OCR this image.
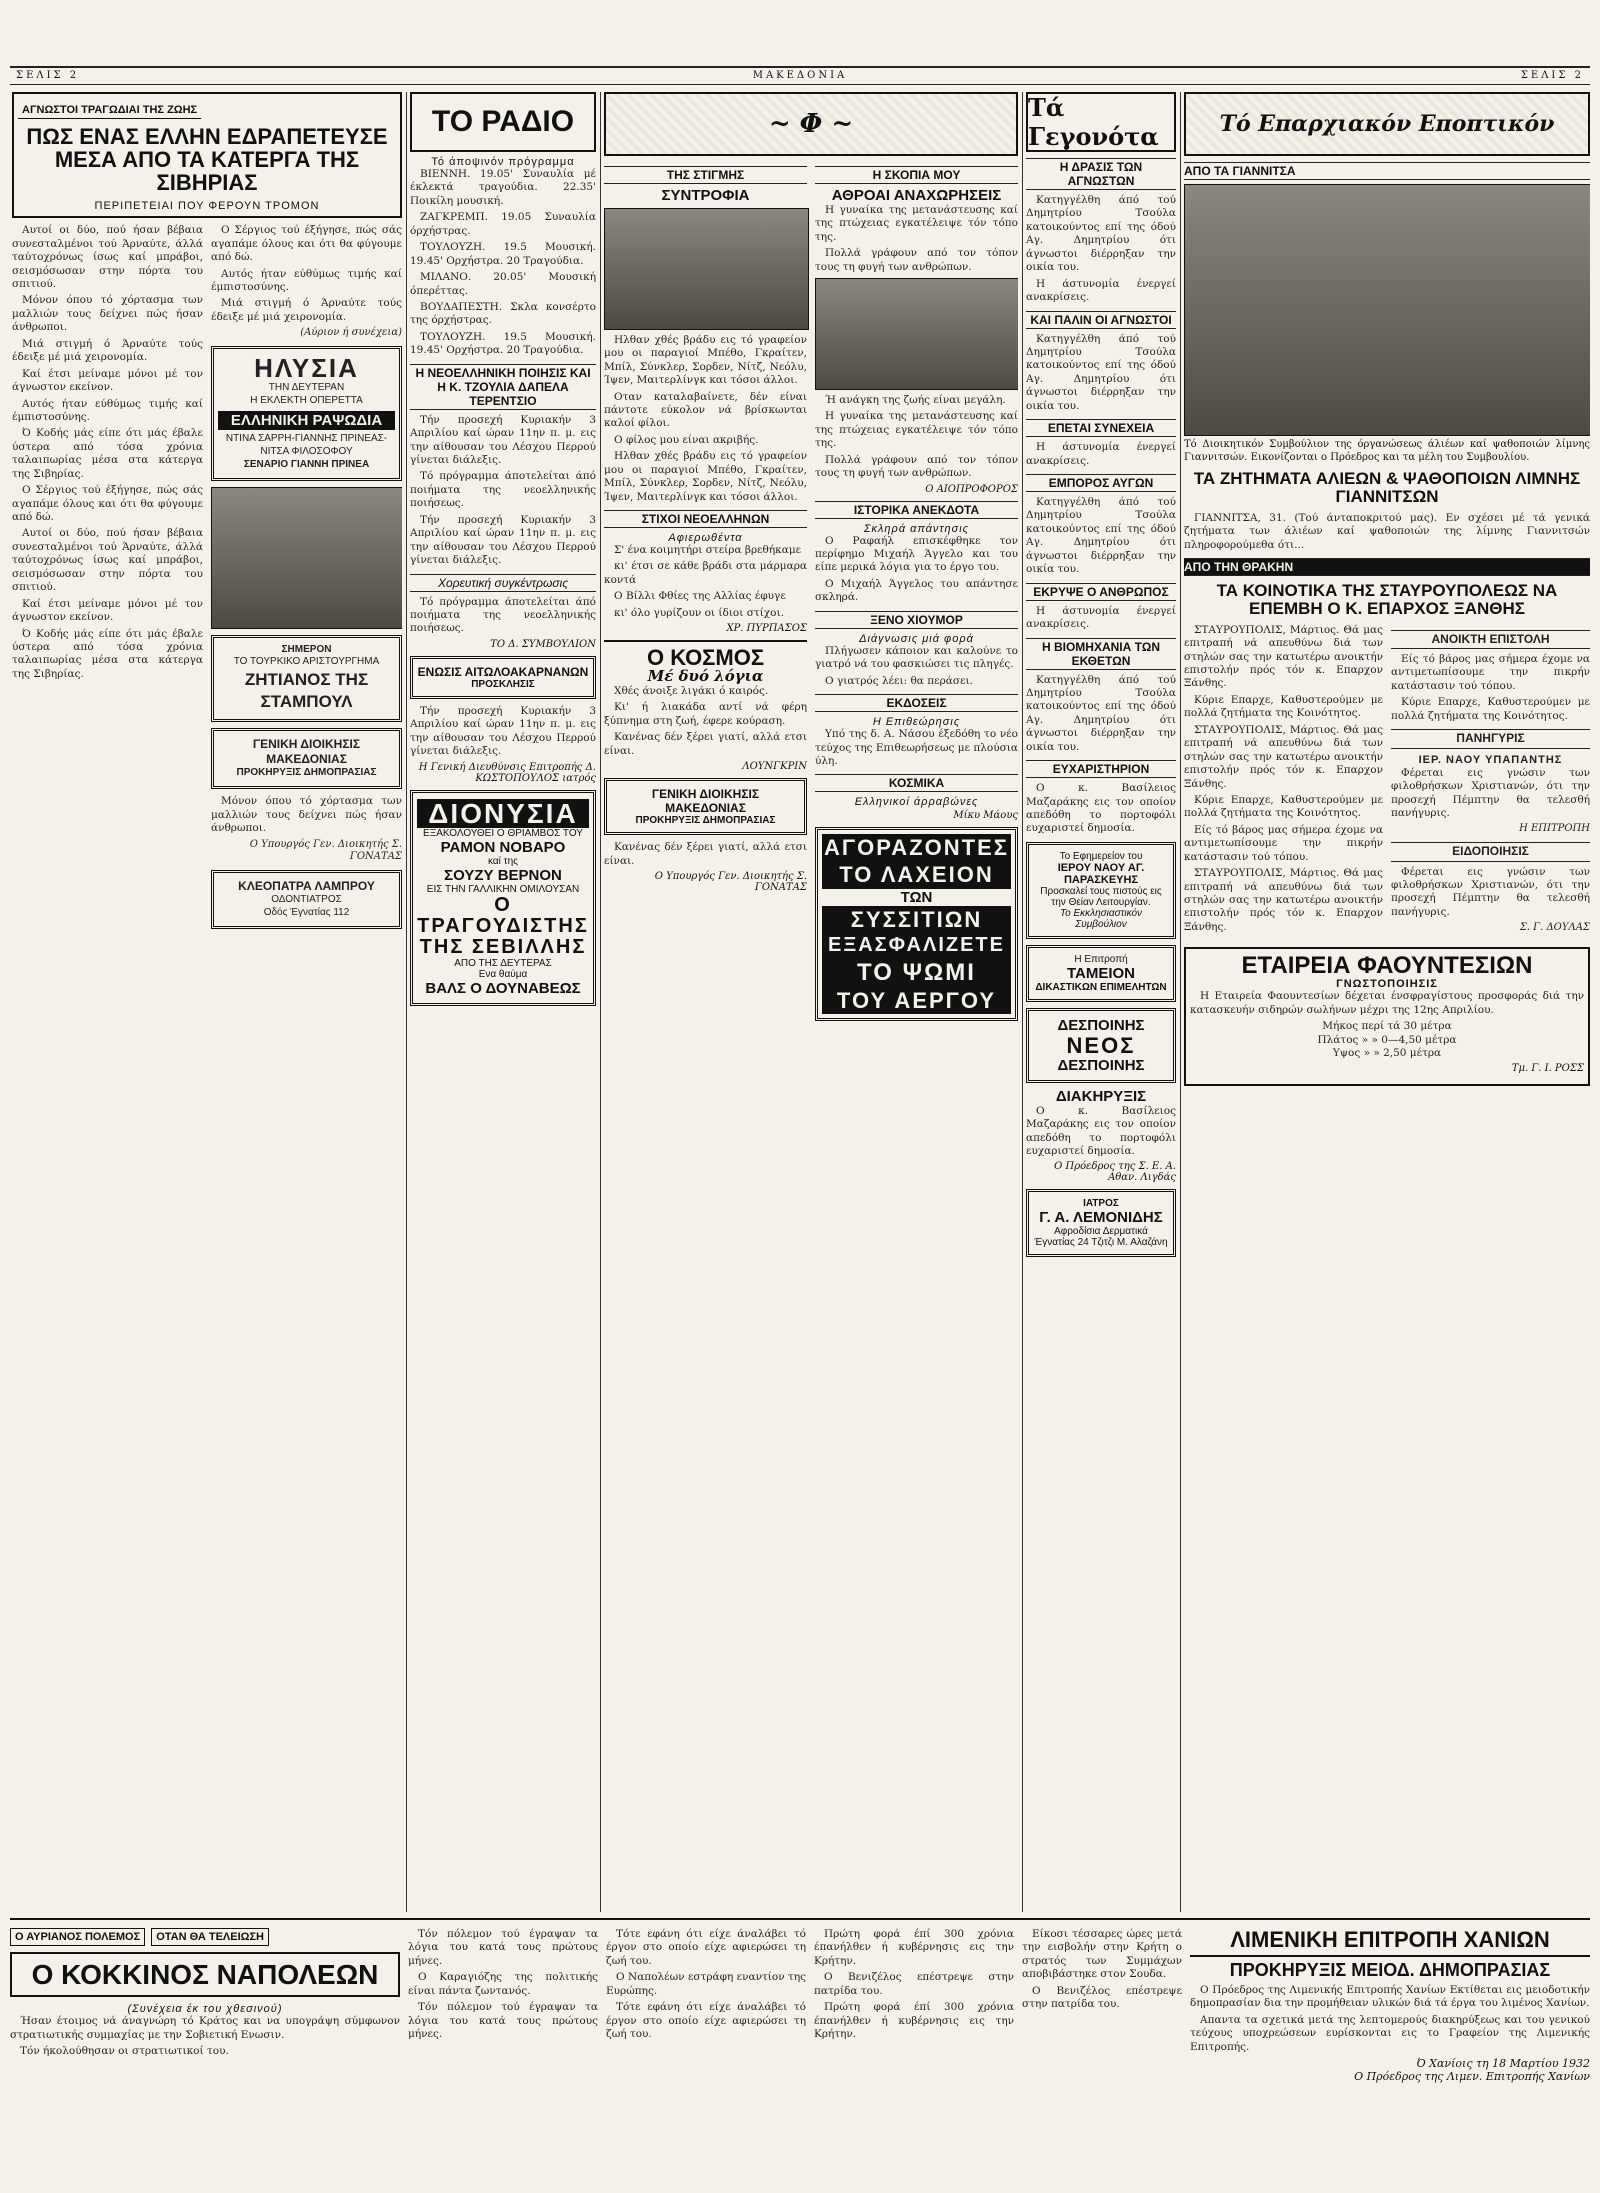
ΣΕΛΙΣ 2	ΜΑΚΕΔΟΝΙΑ	ΣΕΛΙΣ 2
ΑΓΝΩΣΤΟΙ ΤΡΑΓΩΔΙΑΙ ΤΗΣ ΖΩΗΣ
ΠΩΣ ΕΝΑΣ ΕΛΛΗΝ ΕΔΡΑΠΕΤΕΥΣΕ ΜΕΣΑ ΑΠΟ ΤΑ ΚΑΤΕΡΓΑ ΤΗΣ ΣΙΒΗΡΙΑΣ
ΠΕΡΙΠΕΤΕΙΑΙ ΠΟΥ ΦΕΡΟΥΝ ΤΡΟΜΟΝ

Αυτοί οι δύο, πού ήσαν βέβαια συνεσταλμένοι τού Άρναύτε, άλλά ταύτοχρόνως ίσως καί μπράβοι, σεισμόσωσαν στην πόρτα του σπιτιού.

Μόνον όπου τό χόρτασμα των μαλλιών τους δείχνει πώς ήσαν άνθρωποι.

Μιά στιγμή ό Άρναύτε τούς έδειξε μέ μιά χειρονομία.

Καί έτσι μείναμε μόνοι μέ τον άγνωστον εκείνον.

Αυτός ήταν εύθύμως τιμής καί έμπιστοσύνης.

Ό Κοδής μάς είπε ότι μάς έβαλε ύστερα από τόσα χρόνια ταλαιπωρίας μέσα στα κάτεργα της Σιβηρίας.

Ο Σέργιος τού έξήγησε, πώς σάς αγαπάμε όλους και ότι θα φύγουμε από δώ.

Αυτοί οι δύο, πού ήσαν βέβαια συνεσταλμένοι τού Άρναύτε, άλλά ταύτοχρόνως ίσως καί μπράβοι, σεισμόσωσαν στην πόρτα του σπιτιού.

Καί έτσι μείναμε μόνοι μέ τον άγνωστον εκείνον.

Ό Κοδής μάς είπε ότι μάς έβαλε ύστερα από τόσα χρόνια ταλαιπωρίας μέσα στα κάτεργα της Σιβηρίας.

Ο Σέργιος τού έξήγησε, πώς σάς αγαπάμε όλους και ότι θα φύγουμε από δώ.

Αυτός ήταν εύθύμως τιμής καί έμπιστοσύνης.

Μιά στιγμή ό Άρναύτε τούς έδειξε μέ μιά χειρονομία.

(Αύριον ή συνέχεια)
ΗΛΥΣΙΑ
ΤΗΝ ΔΕΥΤΕΡΑΝ
Η ΕΚΛΕΚΤΗ ΟΠΕΡΕΤΤΑ
ΕΛΛΗΝΙΚΗ ΡΑΨΩΔΙΑ
ΝΤΙΝΑ ΣΑΡΡΗ-ΓΙΑΝΝΗΣ ΠΡΙΝΕΑΣ-ΝΙΤΣΑ ΦΙΛΟΣΟΦΟΥ
ΣΕΝΑΡΙΟ ΓΙΑΝΝΗ ΠΡΙΝΕΑ
ΣΗΜΕΡΟΝ
ΤΟ ΤΟΥΡΚΙΚΟ ΑΡΙΣΤΟΥΡΓΗΜΑ
ΖΗΤΙΑΝΟΣ ΤΗΣ ΣΤΑΜΠΟΥΛ
ΓΕΝΙΚΗ ΔΙΟΙΚΗΣΙΣ ΜΑΚΕΔΟΝΙΑΣ
ΠΡΟΚΗΡΥΞΙΣ ΔΗΜΟΠΡΑΣΙΑΣ

Μόνον όπου τό χόρτασμα των μαλλιών τους δείχνει πώς ήσαν άνθρωποι.

Ο Υπουργός Γεν. Διοικητής Σ. ΓΟΝΑΤΑΣ
ΚΛΕΟΠΑΤΡΑ ΛΑΜΠΡΟΥ
ΟΔΟΝΤΙΑΤΡΟΣ
Οδός Έγνατίας 112
ΤΟ ΡΑΔΙΟ
Τό άποψινόν πρόγραμμα

ΒΙΕΝΝΗ. 19.05' Συναυλία μέ έκλεκτά τραγούδια. 22.35' Ποικίλη μουσική.

ΖΑΓΚΡΕΜΠ. 19.05 Συναυλία όρχήστρας.

ΤΟΥΛΟΥΖΗ. 19.5 Μουσική. 19.45' Ορχήστρα. 20 Τραγούδια.

ΜΙΛΑΝΟ. 20.05' Μουσική όπερέττας.

ΒΟΥΔΑΠΕΣΤΗ. Σκλα κονσέρτο της όρχήστρας.

ΤΟΥΛΟΥΖΗ. 19.5 Μουσική. 19.45' Ορχήστρα. 20 Τραγούδια.

Η ΝΕΟΕΛΛΗΝΙΚΗ ΠΟΙΗΣΙΣ ΚΑΙ Η Κ. ΤΖΟΥΛΙΑ ΔΑΠΕΛΑ ΤΕΡΕΝΤΣΙΟ

Τήν προσεχή Κυριακήν 3 Απριλίου καί ώραν 11ην π. μ. εις την αίθουσαν του Λέσχου Περρού γίνεται διάλεξις.

Τό πρόγραμμα άποτελείται άπό ποιήματα της νεοελληνικής ποιήσεως.

Τήν προσεχή Κυριακήν 3 Απριλίου καί ώραν 11ην π. μ. εις την αίθουσαν του Λέσχου Περρού γίνεται διάλεξις.

Χορευτική συγκέντρωσις

Τό πρόγραμμα άποτελείται άπό ποιήματα της νεοελληνικής ποιήσεως.

ΤΟ Δ. ΣΥΜΒΟΥΛΙΟΝ
ΕΝΩΣΙΣ ΑΙΤΩΛΟΑΚΑΡΝΑΝΩΝ
ΠΡΟΣΚΛΗΣΙΣ

Τήν προσεχή Κυριακήν 3 Απριλίου καί ώραν 11ην π. μ. εις την αίθουσαν του Λέσχου Περρού γίνεται διάλεξις.

Η Γενική Διευθύνσις Επιτροπής Δ. ΚΩΣΤΟΠΟΥΛΟΣ ιατρός
ΔΙΟΝΥΣΙΑ
ΕΞΑΚΟΛΟΥΘΕΙ Ο ΘΡΙΑΜΒΟΣ ΤΟΥ
ΡΑΜΟΝ ΝΟΒΑΡΟ
καί της
ΣΟΥΖΥ ΒΕΡΝΟΝ
ΕΙΣ ΤΗΝ ΓΑΛΛΙΚΗΝ ΟΜΙΛΟΥΣΑΝ
Ο ΤΡΑΓΟΥΔΙΣΤΗΣ ΤΗΣ ΣΕΒΙΛΛΗΣ
ΑΠΟ ΤΗΣ ΔΕΥΤΕΡΑΣ
Ενα θαύμα
ΒΑΛΣ Ο ΔΟΥΝΑΒΕΩΣ
~ Φ ~
ΤΗΣ ΣΤΙΓΜΗΣ
ΣΥΝΤΡΟΦΙΑ

Ηλθαν χθές βράδυ εις τό γραφείον μου οι παραγιοί Μπέθο, Γκραίτεν, Μπίλ, Σύνκλερ, Σορδεν, Νίτζ, Νεόλυ, Ίψεν, Μαιτερλίνγκ και τόσοι άλλοι.

Οταν καταλαβαίνετε, δέν είναι πάντοτε εύκολον νά βρίσκωνται καλοί φίλοι.

Ο φίλος μου είναι ακριβής.

Ηλθαν χθές βράδυ εις τό γραφείον μου οι παραγιοί Μπέθο, Γκραίτεν, Μπίλ, Σύνκλερ, Σορδεν, Νίτζ, Νεόλυ, Ίψεν, Μαιτερλίνγκ και τόσοι άλλοι.

ΣΤΙΧΟΙ ΝΕΟΕΛΛΗΝΩΝ
Αφιερωθέντα

Σ' ένα κοιμητήρι στείρα βρεθήκαμε

κι' έτσι σε κάθε βράδι στα μάρμαρα κοντά

Ο Βίλλι Φθίες της Αλλίας έφυγε

κι' όλο γυρίζουν οι ίδιοι στίχοι.

ΧΡ. ΠΥΡΠΑΣΟΣ
Ο ΚΟΣΜΟΣ
Μέ δυό λόγια

Χθές άνοιξε λιγάκι ό καιρός.

Κι' ή λιακάδα αντί νά φέρη ξύπνημα στη ζωή, έφερε κούραση.

Κανένας δέν ξέρει γιατί, αλλά ετσι είναι.

ΛΟΥΝΓΚΡΙΝ
ΓΕΝΙΚΗ ΔΙΟΙΚΗΣΙΣ ΜΑΚΕΔΟΝΙΑΣ
ΠΡΟΚΗΡΥΞΙΣ ΔΗΜΟΠΡΑΣΙΑΣ

Κανένας δέν ξέρει γιατί, αλλά ετσι είναι.

Ο Υπουργός Γεν. Διοικητής Σ. ΓΟΝΑΤΑΣ
Η ΣΚΟΠΙΑ ΜΟΥ
ΑΘΡΟΑΙ ΑΝΑΧΩΡΗΣΕΙΣ

Η γυναίκα της μετανάστευσης καί της πτώχειας εγκατέλειψε τόν τόπο της.

Πολλά γράφουν από τον τόπον τους τη φυγή των ανθρώπων.

Ή ανάγκη της ζωής είναι μεγάλη.

Η γυναίκα της μετανάστευσης καί της πτώχειας εγκατέλειψε τόν τόπο της.

Πολλά γράφουν από τον τόπον τους τη φυγή των ανθρώπων.

Ο ΑΙΟΠΡΟΦΟΡΟΣ
ΙΣΤΟΡΙΚΑ ΑΝΕΚΔΟΤΑ
Σκληρά απάντησις

Ο Ραφαήλ επισκέφθηκε τον περίφημο Μιχαήλ Άγγελο και του είπε μερικά λόγια για το έργο του.

Ο Μιχαήλ Άγγελος του απάντησε σκληρά.

ΞΕΝΟ ΧΙΟΥΜΟΡ
Διάγνωσις μιά φορά

Πλήγωσεν κάποιον και καλούνε το γιατρό νά του φασκιώσει τις πληγές.

Ο γιατρός λέει: θα περάσει.

ΕΚΔΟΣΕΙΣ
Η Επιθεώρησις

Υπό της δ. Α. Νάσου έξεδόθη το νέο τεύχος της Επιθεωρήσεως με πλούσια ύλη.

ΚΟΣΜΙΚΑ
Ελληνικοί άρραβώνες
Μίκυ Μάους
ΑΓΟΡΑΖΟΝΤΕΣ
ΤΟ ΛΑΧΕΙΟΝ
ΤΩΝ
ΣΥΣΣΙΤΙΩΝ
ΕΞΑΣΦΑΛΙΖΕΤΕ
ΤΟ ΨΩΜΙ
ΤΟΥ ΑΕΡΓΟΥ
Τά Γεγονότα
Η ΔΡΑΣΙΣ ΤΩΝ ΑΓΝΩΣΤΩΝ

Κατηγγέλθη άπό τού Δημητρίου Τσούλα κατοικούντος επί της όδού Αγ. Δημητρίου ότι άγνωστοι διέρρηξαν την οικία του.

Η άστυνομία ένεργεί ανακρίσεις.

ΚΑΙ ΠΑΛΙΝ ΟΙ ΑΓΝΩΣΤΟΙ

Κατηγγέλθη άπό τού Δημητρίου Τσούλα κατοικούντος επί της όδού Αγ. Δημητρίου ότι άγνωστοι διέρρηξαν την οικία του.

ΕΠΕΤΑΙ ΣΥΝΕΧΕΙΑ

Η άστυνομία ένεργεί ανακρίσεις.

ΕΜΠΟΡΟΣ ΑΥΓΩΝ

Κατηγγέλθη άπό τού Δημητρίου Τσούλα κατοικούντος επί της όδού Αγ. Δημητρίου ότι άγνωστοι διέρρηξαν την οικία του.

ΕΚΡΥΨΕ Ο ΑΝΘΡΩΠΟΣ

Η άστυνομία ένεργεί ανακρίσεις.

Η ΒΙΟΜΗΧΑΝΙΑ ΤΩΝ ΕΚΘΕΤΩΝ

Κατηγγέλθη άπό τού Δημητρίου Τσούλα κατοικούντος επί της όδού Αγ. Δημητρίου ότι άγνωστοι διέρρηξαν την οικία του.

ΕΥΧΑΡΙΣΤΗΡΙΟΝ

Ο κ. Βασίλειος Μαζαράκης εις τον οποίον απεδόθη το πορτοφόλι ευχαριστεί δημοσία.

Το Εφημερείον του
ΙΕΡΟΥ ΝΑΟΥ ΑΓ. ΠΑΡΑΣΚΕΥΗΣ
Προσκαλεί τους πιστούς εις την Θείαν Λειτουργίαν.
Το Εκκλησιαστικόν Συμβούλιον
Η Επιτροπή
ΤΑΜΕΙΟΝ
ΔΙΚΑΣΤΙΚΩΝ ΕΠΙΜΕΛΗΤΩΝ
ΔΕΣΠΟΙΝΗΣ
ΝΕΟΣ
ΔΕΣΠΟΙΝΗΣ
ΔΙΑΚΗΡΥΞΙΣ

Ο κ. Βασίλειος Μαζαράκης εις τον οποίον απεδόθη το πορτοφόλι ευχαριστεί δημοσία.

Ο Πρόεδρος της Σ. Ε. Α. Αθαν. Λιγδάς
ΙΑΤΡΟΣ
Γ. Α. ΛΕΜΟΝΙΔΗΣ
Αφροδίσια Δερματικά
Έγνατίας 24 Τζιτζι Μ. Αλαζάνη
Τό Επαρχιακόν Εποπτικόν
ΑΠΟ ΤΑ ΓΙΑΝΝΙΤΣΑ
Τό Διοικητικόν Συμβούλιον της όργανώσεως άλιέων καί ψαθοποιών λίμνης Γιαννιτσών. Εικονίζονται ο Πρόεδρος και τα μέλη του Συμβουλίου.
ΤΑ ΖΗΤΗΜΑΤΑ ΑΛΙΕΩΝ & ΨΑΘΟΠΟΙΩΝ ΛΙΜΝΗΣ ΓΙΑΝΝΙΤΣΩΝ

ΓΙΑΝΝΙΤΣΑ, 31. (Τού άνταποκριτού μας). Εν σχέσει μέ τά γενικά ζητήματα των άλιέων καί ψαθοποιών της λίμνης Γιαννιτσών πληροφορούμεθα ότι...

ΑΠΟ ΤΗΝ ΘΡΑΚΗΝ
ΤΑ ΚΟΙΝΟΤΙΚΑ ΤΗΣ ΣΤΑΥΡΟΥΠΟΛΕΩΣ ΝΑ ΕΠΕΜΒΗ Ο Κ. ΕΠΑΡΧΟΣ ΞΑΝΘΗΣ

ΣΤΑΥΡΟΥΠΟΛΙΣ, Μάρτιος. Θά μας επιτραπή νά απευθύνω διά των στηλών σας την κατωτέρω ανοικτήν επιστολήν πρός τόν κ. Επαρχον Ξάνθης.

Κύριε Επαρχε, Καθυστερούμεν με πολλά ζητήματα της Κοινότητος.

ΣΤΑΥΡΟΥΠΟΛΙΣ, Μάρτιος. Θά μας επιτραπή νά απευθύνω διά των στηλών σας την κατωτέρω ανοικτήν επιστολήν πρός τόν κ. Επαρχον Ξάνθης.

Κύριε Επαρχε, Καθυστερούμεν με πολλά ζητήματα της Κοινότητος.

Είς τό βάρος μας σήμερα έχομε να αντιμετωπίσουμε την πικρήν κατάστασιν τού τόπου.

ΣΤΑΥΡΟΥΠΟΛΙΣ, Μάρτιος. Θά μας επιτραπή νά απευθύνω διά των στηλών σας την κατωτέρω ανοικτήν επιστολήν πρός τόν κ. Επαρχον Ξάνθης.

ΑΝΟΙΚΤΗ ΕΠΙΣΤΟΛΗ

Είς τό βάρος μας σήμερα έχομε να αντιμετωπίσουμε την πικρήν κατάστασιν τού τόπου.

Κύριε Επαρχε, Καθυστερούμεν με πολλά ζητήματα της Κοινότητος.

ΠΑΝΗΓΥΡΙΣ
ΙΕΡ. ΝΑΟΥ ΥΠΑΠΑΝΤΗΣ

Φέρεται εις γνώσιν των φιλοθρήσκων Χριστιανών, ότι την προσεχή Πέμπτην θα τελεσθή πανήγυρις.

Η ΕΠΙΤΡΟΠΗ
ΕΙΔΟΠΟΙΗΣΙΣ

Φέρεται εις γνώσιν των φιλοθρήσκων Χριστιανών, ότι την προσεχή Πέμπτην θα τελεσθή πανήγυρις.

Σ. Γ. ΔΟΥΛΑΣ
ΕΤΑΙΡΕΙΑ ΦΑΟΥΝΤΕΣΙΩΝ
ΓΝΩΣΤΟΠΟΙΗΣΙΣ

Η Εταιρεία Φαουντεσίων δέχεται ένσφραγίστους προσφοράς διά την κατασκευήν σιδηρών σωλήνων μέχρι της 12ης Απριλίου.

Μήκος περί τά 30 μέτρα
Πλάτος » » 0—4,50 μέτρα
Υψος » » 2,50 μέτρα
Τμ. Γ. Ι. ΡΟΣΣ
Ο ΑΥΡΙΑΝΟΣ ΠΟΛΕΜΟΣ	ΟΤΑΝ ΘΑ ΤΕΛΕΙΩΣΗ
Ο ΚΟΚΚΙΝΟΣ ΝΑΠΟΛΕΩΝ
(Συνέχεια έκ του χθεσινού)

Ήσαν έτοιμος νά άναγνώρη τό Κράτος και να υπογράψη σύμφωνον στρατιωτικής συμμαχίας με την Σοβιετική Ενωσιν.

Τόν ήκολούθησαν οι στρατιωτικοί του.

Τόν πόλεμον τού έγραψαν τα λόγια του κατά τους πρώτους μήνες.

Ο Καραγιόζης της πολιτικής είναι πάντα ζωντανός.

Τόν πόλεμον τού έγραψαν τα λόγια του κατά τους πρώτους μήνες.

Τότε εφάνη ότι είχε άναλάβει τό έργον στο οποίο είχε αφιερώσει τη ζωή του.

Ο Ναπολέων εστράφη εναντίον της Ευρώπης.

Τότε εφάνη ότι είχε άναλάβει τό έργον στο οποίο είχε αφιερώσει τη ζωή του.

Πρώτη φορά έπί 300 χρόνια έπανήλθεν ή κυβέρνησις εις την Κρήτην.

Ο Βενιζέλος επέστρεψε στην πατρίδα του.

Πρώτη φορά έπί 300 χρόνια έπανήλθεν ή κυβέρνησις εις την Κρήτην.

Είκοσι τέσσαρες ώρες μετά την εισβολήν στην Κρήτη ο στρατός των Συμμάχων αποβιβάστηκε στον Σουδα.

Ο Βενιζέλος επέστρεψε στην πατρίδα του.

ΛΙΜΕΝΙΚΗ ΕΠΙΤΡΟΠΗ ΧΑΝΙΩΝ
ΠΡΟΚΗΡΥΞΙΣ ΜΕΙΟΔ. ΔΗΜΟΠΡΑΣΙΑΣ

Ο Πρόεδρος της Λιμενικής Επιτροπής Χανίων Εκτίθεται εις μειοδοτικήν δημοπρασίαν δια την προμήθειαν υλικών διά τά έργα του λιμένος Χανίων.

Απαντα τα σχετικά μετά της λεπτομερούς διακηρύξεως και του γενικού τεύχους υποχρεώσεων ευρίσκονται εις το Γραφείον της Λιμενικής Επιτροπής.

Ό Χανίοις τη 18 Μαρτίου 1932
Ο Πρόεδρος της Λιμεν. Επιτροπής Χανίων
